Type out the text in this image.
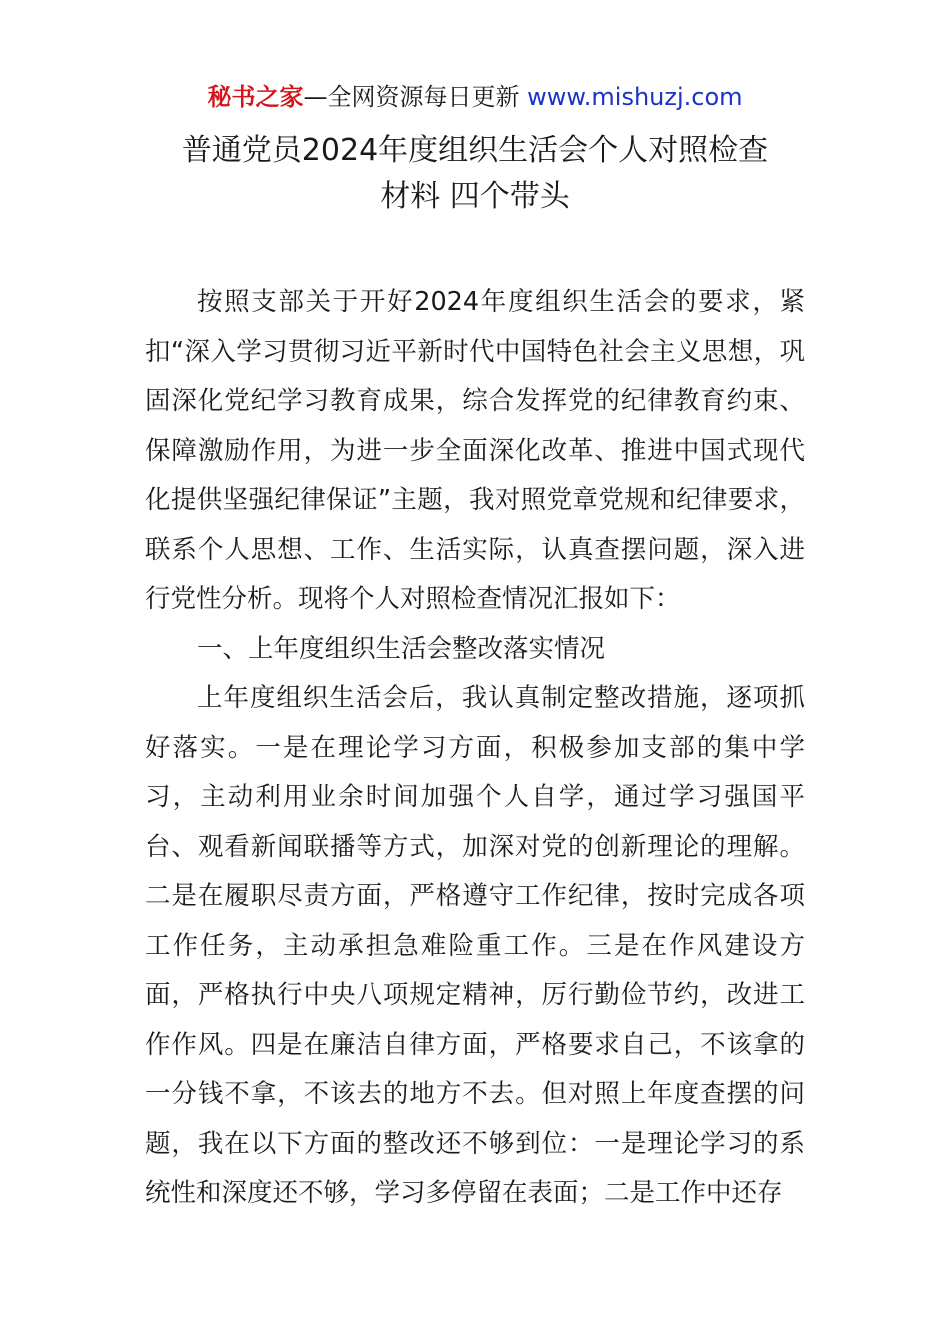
秘书之家—全网资源每日更新 www.mishuzj.com
普通党员2024年度组织生活会个人对照检查
材料 四个带头

按照支部关于开好2024年度组织生活会的要求，紧扣“深入学习贯彻习近平新时代中国特色社会主义思想，巩固深化党纪学习教育成果，综合发挥党的纪律教育约束、保障激励作用，为进一步全面深化改革、推进中国式现代化提供坚强纪律保证”主题，我对照党章党规和纪律要求，联系个人思想、工作、生活实际，认真查摆问题，深入进行党性分析。现将个人对照检查情况汇报如下：

一、上年度组织生活会整改落实情况

上年度组织生活会后，我认真制定整改措施，逐项抓好落实。一是在理论学习方面，积极参加支部的集中学习，主动利用业余时间加强个人自学，通过学习强国平台、观看新闻联播等方式，加深对党的创新理论的理解。二是在履职尽责方面，严格遵守工作纪律，按时完成各项工作任务，主动承担急难险重工作。三是在作风建设方面，严格执行中央八项规定精神，厉行勤俭节约，改进工作作风。四是在廉洁自律方面，严格要求自己，不该拿的一分钱不拿，不该去的地方不去。但对照上年度查摆的问题，我在以下方面的整改还不够到位：一是理论学习的系统性和深度还不够，学习多停留在表面；二是工作中还存
